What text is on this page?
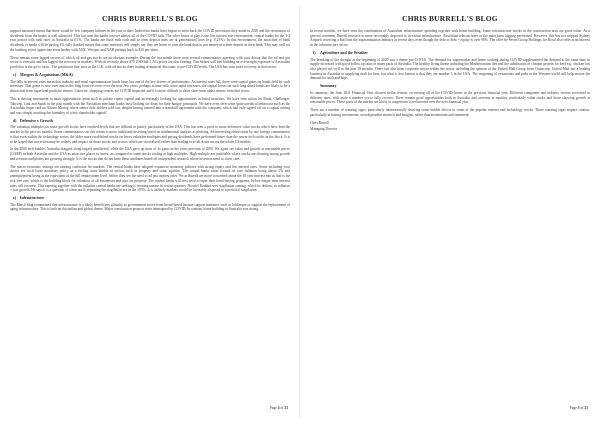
CHRIS BURRELL'S BLOG

support measures meant that there would be few company failures in the year to date. Indeed the banks have begun to write back the COVID provisions they made in 2020 and the restoration of dividends from the banks is well advanced. This has seen the banks recover almost all of the COVID falls. The other factor at play is the low interest rate environment; central banks for the 1-3 year period with cash rates in Australia at 0.1%. The banks are flush with cash and so term deposit rates are at generational lows (e.g. 0.25%). In this environment, the attraction of bank dividends or banks will be paying 4% fully franked means that some investors will simply say they are better to own the bank than to put money in a term deposit in their bank. This may well set the banking sector appreciate even further with ANZ, Westpac and NAB perhaps back to $30 per share.

These remain some lagged sectors of which oil and gas stocks are an obvious example. During the last month there were several commentaries agreeing with your doctor that the oil and gas sector is oversold and has lagged the recovery in markets. With oil recently above $70 USD/bbl, LNG prices are also firming. Tim Stokes will feel building an overweight exposure to Australian portfolios is the go-to tactic. The position in line-wise in the U.K. with oil stocks there trading at material discounts to pre-COVID levels. The USA has seen more recovery in that sector.

c) Mergers & Acquisitions (M&A)

The falls in interest rates mean that industry and retail superannuation funds have lost one of the key drivers of performance. As interest rates fall, there were capital gains on bonds held by such investors. That game is now over and as the long bond recovers over the next few years, perhaps at time with some rapid increases, the capital losses on such long dated bonds are likely to be a distraction from superfund portfolio returns. Likewise, shopping centres are COVID impacted and it is more difficult to drive short-term alpha returns from that sector.

This is driving investment to more opportunistic areas such as private equity capital and increasingly looking for opportunities in listed securities. We have seen action for Boral, Challenger, Tabcorp, Link and Spark in the past month with the Australian merchant banks busy looking for deals for their hungry principals. We have even seen some quite unethical behaviour such as the Australian Super raid on Altium Mining where senior debt holders sold out, despite having entered into a standstill agreement with the company, which had only signed off on a capital raising and was simply awaiting the formality of a key shareholder signoff.

d) Defensive v Growth

The valuation multiples on some growth stocks have reached levels that are difficult to justify, particularly in the USA. This has seen a pivot to more defensive value stocks which have lead the market in the past six months. Some commentators see this return to more traditional investing based on fundamental analysis as pleasing. An interesting observation by one foreign commentator is that even within the technology sector, the older more established stocks on lower valuation multiples and paying dividends have performed better than the newer tech stocks in the block. It is to be hoped that correction may be orderly and impact on those stocks and sectors which are overvalued, rather than leading to a sell down across the whole US market.

In the 2000 tech-bubble, Australia dragged along largely unaffected, while the USA gave up most of its gains in the years previous to 2000. We again see value and growth at reasonable prices (GARP) in both Australia and the USA as attractive places to invest, as compared to some stocks trading at high multiples. High multiple are justifiable where stocks are showing strong growth and revenue and profits are growing strongly. It is the stocks that do not have these attributes based off independent research where investors need to show care.

The macro-economic settings are causing confusion for markets. The central banks have adopted expansive monetary policies with strong equity and low interest rates. Some including your doctor see such loose monetary policy as a fueling asset bubble in sectors such as property and some equities. The central banks seem fixated on core inflation being above 2% and unemployment being at the equivalent of the full employment level, before they see the need to ad just interest rates. We at Burrell are more concerned about the 10 year interest rate as that is the risk free rate, which is the building block for valuation of all businesses and also for property. The central banks will first need to taper their bond buying programs, before longer term interest rates will increase. This tapering together with the inflation central banks are seeking is creating unease in certain quarters. Nouriel Roubini sees stagflation coming, which he defines, as inflation + low growth. He says it is a question of when not if, repeating the stagflation era in the 1970s. It is unlikely markets would be favorably disposed to a period of stagflation.

e) Infrastructure

The March blog commented that infrastructure is a likely beneficiary globally as governments move from broad-based income support measures such as Jobkeeper to support the replacement of aging infrastructure. This is both an Australian and global theme. Major construction projects were interrupted by COVID. In contrast home building in Australia was strong.

Page 4 of 25
CHRIS BURRELL'S BLOG

In recent months, we have seen the combination of Australian infrastructure spending together with home building. Some infrastructure stocks in the construction area are good value. As a general comment, Burrell research is more favourably disposed to in-vision infrastructure. Australian telecom have in the main been lagging performed. However, this has not stopped Sydney Airports receiving a bid from the superannuation industry in recent days even though the debt to debt + equity is over 90%. The offer by Seven Group Holdings for Boral also reflects an interest in the infrastructure sector.

f) Agriculture and the Weather

The breaking of the drought at the beginning of 2020 was a theme pre-COVID. The demand for supermarket and home cooking during COVID supplemented the demand at the same time as supply increased with good follow up rains in many parts of Australia. The healthy living theme including the Mediterranean diet and the substitution of cheaper protein for beef e.g. chicken has also played out well in the past 18 months. There has also been corporate action within the sector including the spinout of the United Malt Group from Graincorp. United Malt has a leading business in Australia in supplying malt for beer, but what is less known is that they are number 3 in the USA. The reopening of restaurants and pubs in the Western world will help restore the demand for malt and hops.

Summary

In summary, the June 2021 Financial Year showed stellar returns; recovering all of the COVID losses in the previous financial year. Different companies and industry sectors recovered at different rates, with quite a number yet to fully recover. There remain good opportunities both in Australia and overseas in equities; particularly value stocks and those showing growth at reasonable prices. These parts of the market are likely to outperform fixed interest over the next financial year.

There are a number of warning signs, particularly internationally showing some bubble effects in some of the popular internet and technology stocks. These warning signs require caution, particularly in having investments on independent research and insights, rather than momentum and sentiment.

Chris Burrell

Managing Director

Page 5 of 25
